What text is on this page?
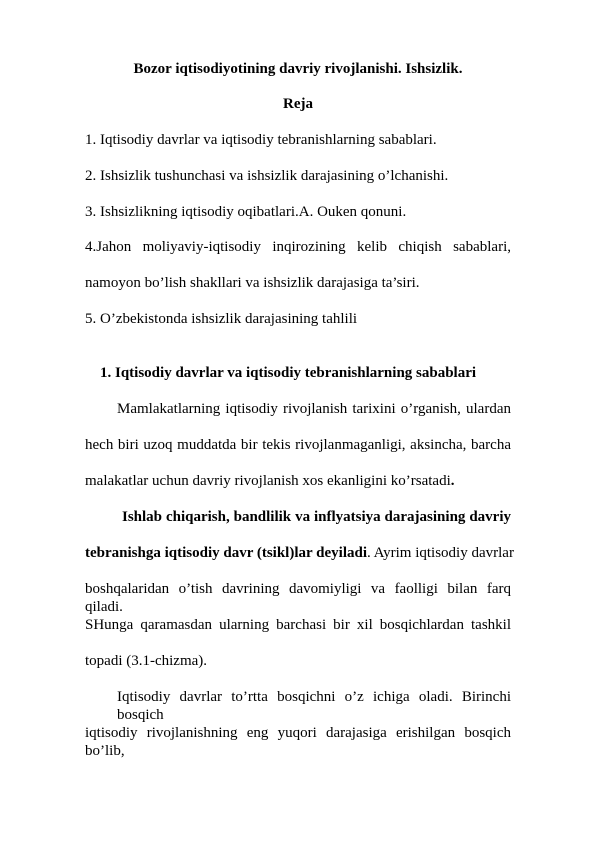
Bozor iqtisodiyotining davriy rivojlanishi. Ishsizlik.
Reja
1. Iqtisodiy davrlar va iqtisodiy tebranishlarning sabablari.
2. Ishsizlik tushunchasi va ishsizlik darajasining o’lchanishi.
3. Ishsizlikning iqtisodiy oqibatlari.A. Ouken qonuni.
4.Jahon moliyaviy-iqtisodiy inqirozining kelib chiqish sabablari,
namoyon bo’lish shakllari va ishsizlik darajasiga ta’siri.
5. O’zbekistonda ishsizlik darajasining tahlili
1. Iqtisodiy davrlar va iqtisodiy tebranishlarning sabablari
Mamlakatlarning iqtisodiy rivojlanish tarixini o’rganish, ulardan
hech biri uzoq muddatda bir tekis rivojlanmaganligi, aksincha, barcha
malakatlar uchun davriy rivojlanish xos ekanligini ko’rsatadi.
Ishlab chiqarish, bandlilik va inflyatsiya darajasining davriy
tebranishga iqtisodiy davr (tsikl)lar deyiladi . Ayrim iqtisodiy davrlar
boshqalaridan o’tish davrining davomiyligi va faolligi bilan farq qiladi.
SHunga qaramasdan ularning barchasi bir xil bosqichlardan tashkil
topadi (3.1-chizma).
Iqtisodiy davrlar to’rtta bosqichni o’z ichiga oladi. Birinchi bosqich
iqtisodiy rivojlanishning eng yuqori darajasiga erishilgan bosqich bo’lib,
